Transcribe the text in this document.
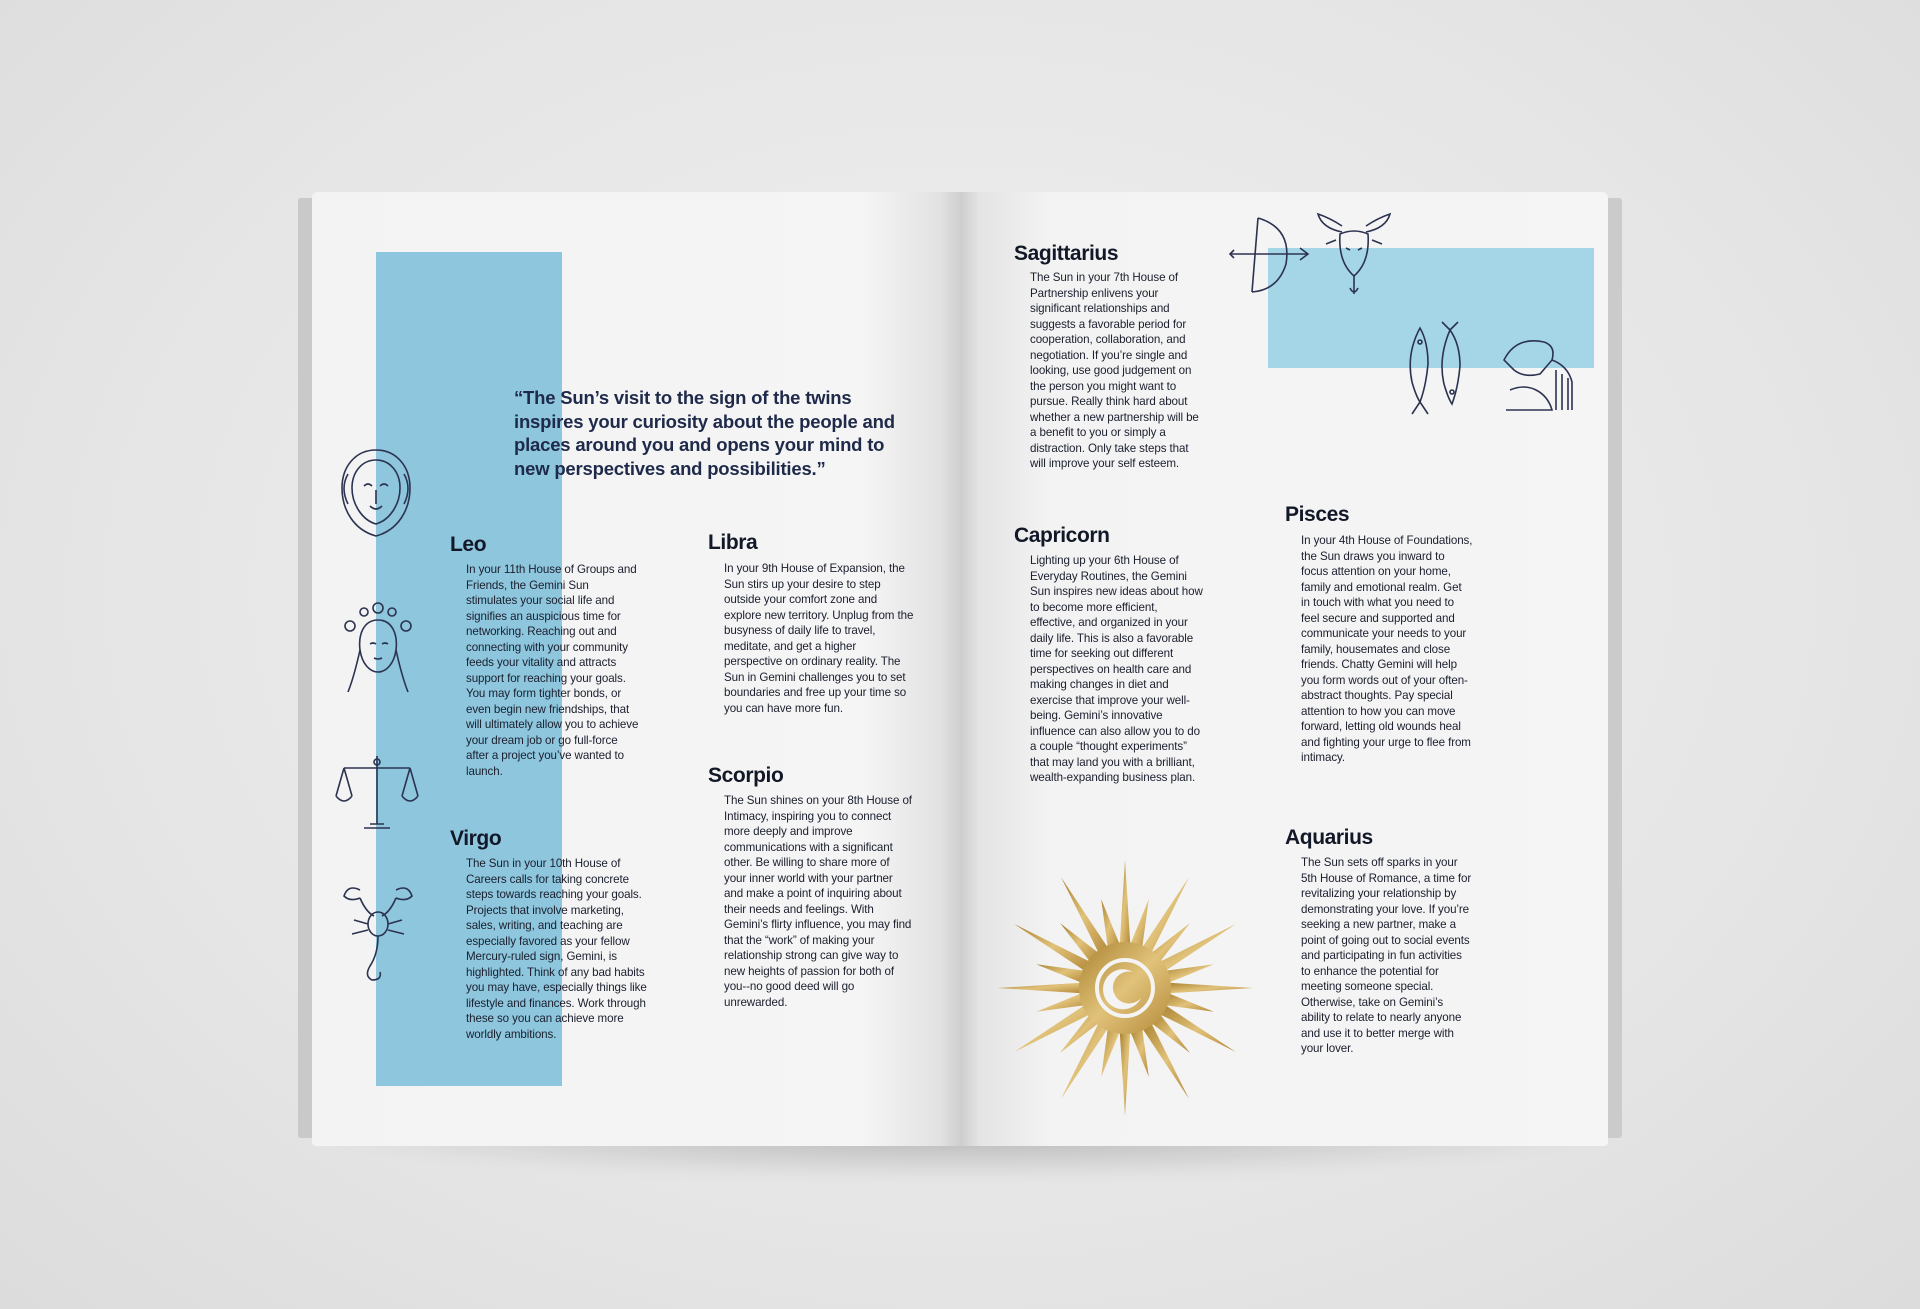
“The Sun’s visit to the sign of the twins inspires your curiosity about the people and places around you and opens your mind to new perspectives and possibilities.”
Leo
In your 11th House of Groups and Friends, the Gemini Sun stimulates your social life and signifies an auspicious time for networking. Reaching out and connecting with your community feeds your vitality and attracts support for reaching your goals. You may form tighter bonds, or even begin new friendships, that will ultimately allow you to achieve your dream job or go full-force after a project you’ve wanted to launch.
Virgo
The Sun in your 10th House of Careers calls for taking concrete steps towards reaching your goals. Projects that involve marketing, sales, writing, and teaching are especially favored as your fellow Mercury-ruled sign, Gemini, is highlighted. Think of any bad habits you may have, especially things like lifestyle and finances. Work through these so you can achieve more worldly ambitions.
Libra
In your 9th House of Expansion, the Sun stirs up your desire to step outside your comfort zone and explore new territory. Unplug from the busyness of daily life to travel, meditate, and get a higher perspective on ordinary reality. The Sun in Gemini challenges you to set boundaries and free up your time so you can have more fun.
Scorpio
The Sun shines on your 8th House of Intimacy, inspiring you to connect more deeply and improve communications with a significant other. Be willing to share more of your inner world with your partner and make a point of inquiring about their needs and feelings. With Gemini’s flirty influence, you may find that the “work” of making your relationship strong can give way to new heights of passion for both of you--no good deed will go unrewarded.
Sagittarius
The Sun in your 7th House of Partnership enlivens your significant relationships and suggests a favorable period for cooperation, collaboration, and negotiation. If you’re single and looking, use good judgement on the person you might want to pursue. Really think hard about whether a new partnership will be a benefit to you or simply a distraction. Only take steps that will improve your self esteem.
Capricorn
Lighting up your 6th House of Everyday Routines, the Gemini Sun inspires new ideas about how to become more efficient, effective, and organized in your daily life. This is also a favorable time for seeking out different perspectives on health care and making changes in diet and exercise that improve your well-being. Gemini’s innovative influence can also allow you to do a couple “thought experiments” that may land you with a brilliant, wealth-expanding business plan.
Pisces
In your 4th House of Foundations, the Sun draws you inward to focus attention on your home, family and emotional realm. Get in touch with what you need to feel secure and supported and communicate your needs to your family, housemates and close friends. Chatty Gemini will help you form words out of your often-abstract thoughts. Pay special attention to how you can move forward, letting old wounds heal and fighting your urge to flee from intimacy.
Aquarius
The Sun sets off sparks in your 5th House of Romance, a time for revitalizing your relationship by demonstrating your love. If you’re seeking a new partner, make a point of going out to social events and participating in fun activities to enhance the potential for meeting someone special. Otherwise, take on Gemini’s ability to relate to nearly anyone and use it to better merge with your lover.
